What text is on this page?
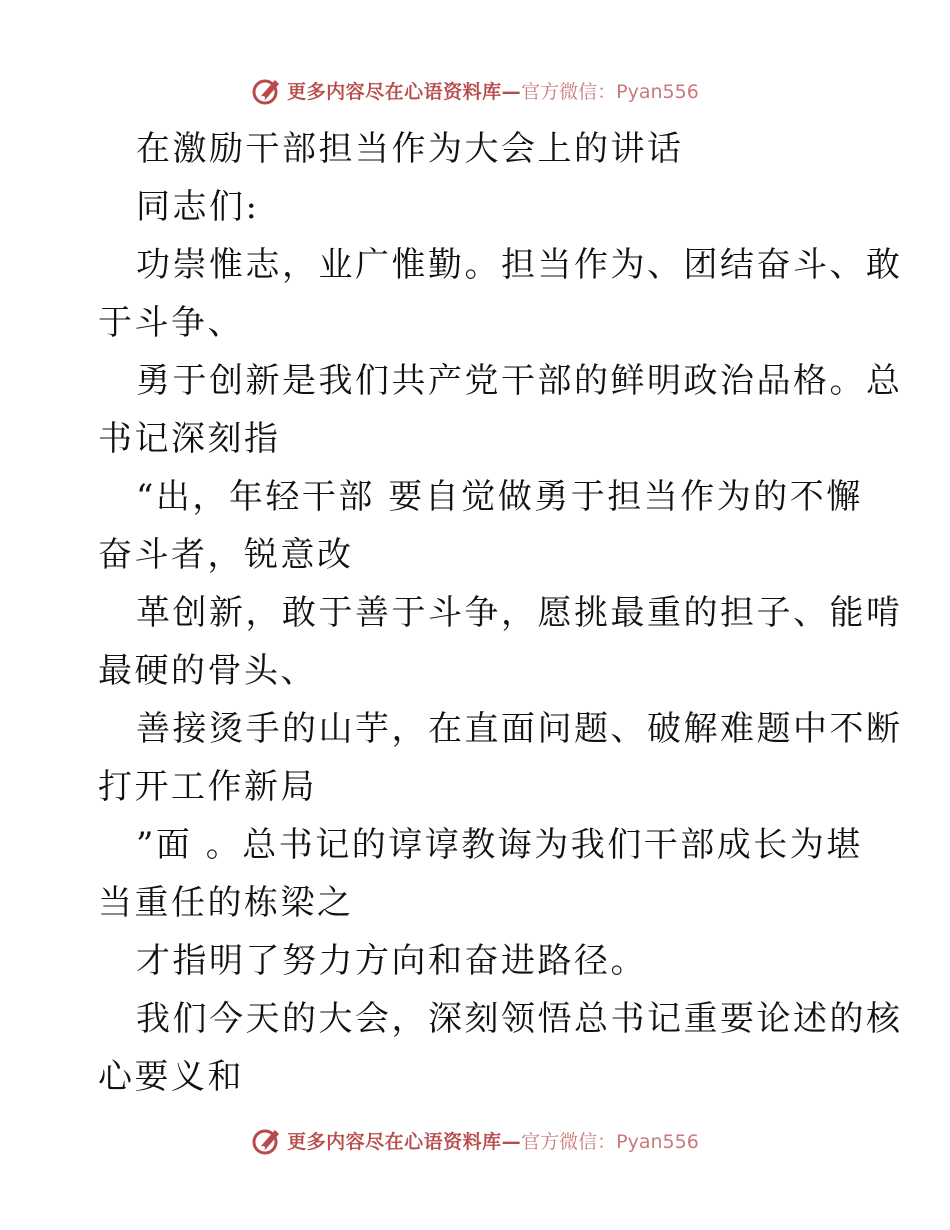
更多内容尽在心语资料库— 官方微信：Pyan556
在激励干部担当作为大会上的讲话
同志们:
功崇惟志，业广惟勤。担当作为、团结奋斗、敢
于斗争、
勇于创新是我们共产党干部的鲜明政治品格。总
书记深刻指
“出，年轻干部 要自觉做勇于担当作为的不懈
奋斗者，锐意改
革创新，敢于善于斗争，愿挑最重的担子、能啃
最硬的骨头、
善接烫手的山芋，在直面问题、破解难题中不断
打开工作新局
”面 。总书记的谆谆教诲为我们干部成长为堪
当重任的栋梁之
才指明了努力方向和奋进路径。
我们今天的大会，深刻领悟总书记重要论述的核
心要义和
更多内容尽在心语资料库— 官方微信：Pyan556
